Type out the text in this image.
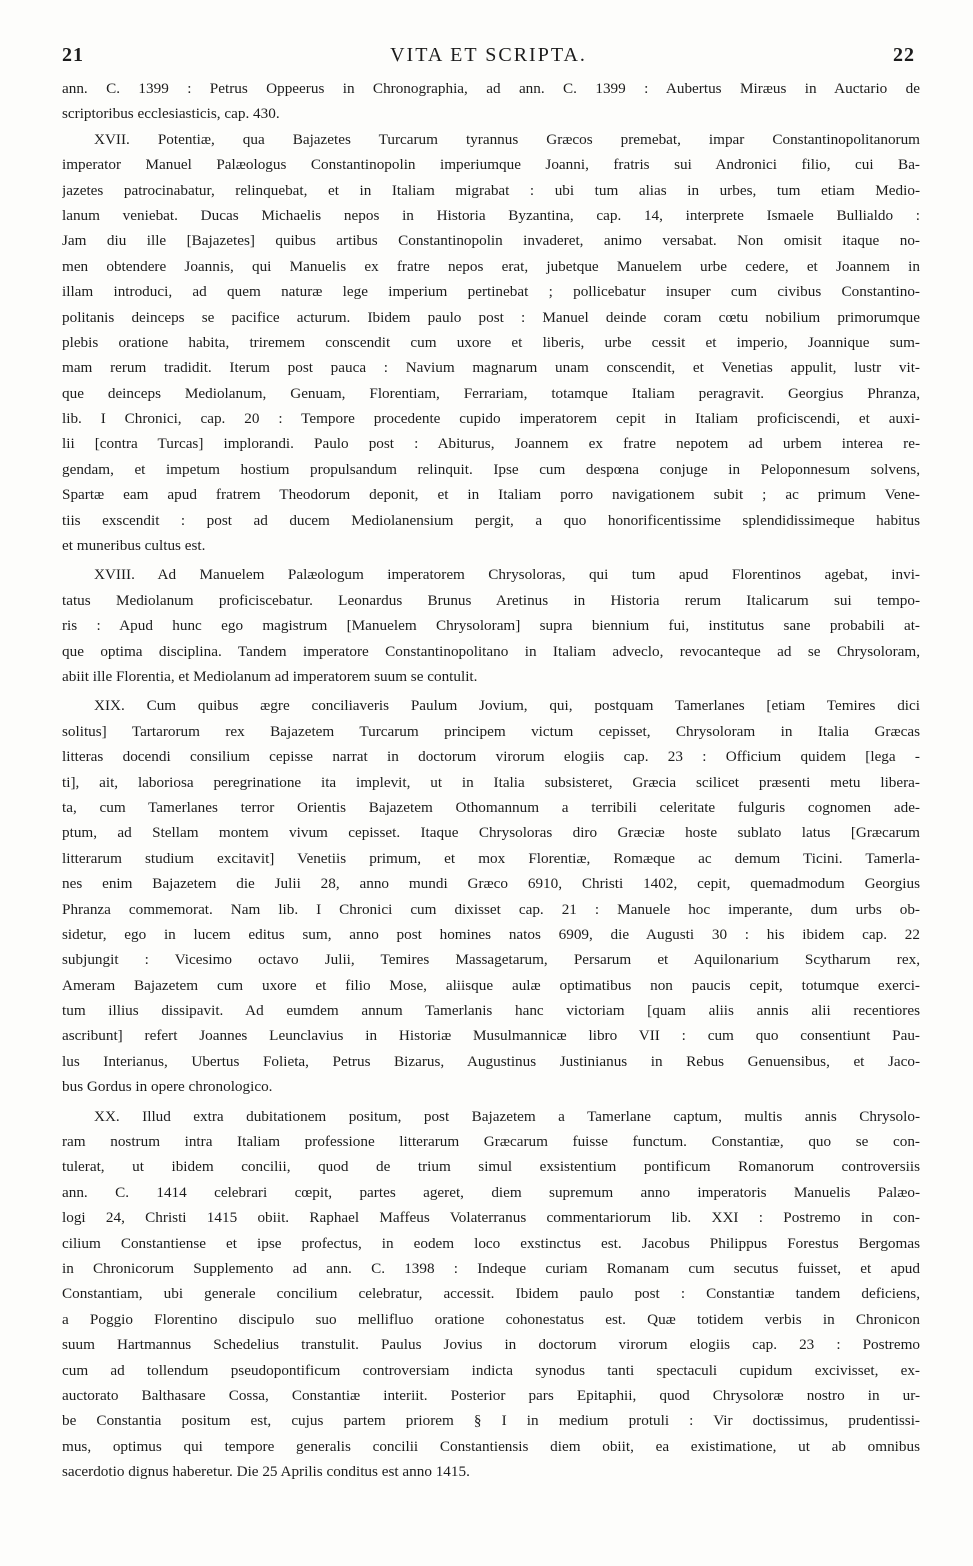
21	VITA ET SCRIPTA.	22
ann. C. 1399 : Petrus Oppeerus in Chronographia, ad ann. C. 1399 : Aubertus Miræus in Auctario de
scriptoribus ecclesiasticis, cap. 430.
XVII. Potentiæ, qua Bajazetes Turcarum tyrannus Græcos premebat, impar Constantinopolitanorum
imperator Manuel Palæologus Constantinopolin imperiumque Joanni, fratris sui Andronici filio, cui Ba-
jazetes patrocinabatur, relinquebat, et in Italiam migrabat : ubi tum alias in urbes, tum etiam Medio-
lanum veniebat. Ducas Michaelis nepos in Historia Byzantina, cap. 14, interprete Ismaele Bullialdo :
Jam diu ille [Bajazetes] quibus artibus Constantinopolin invaderet, animo versabat. Non omisit itaque no-
men obtendere Joannis, qui Manuelis ex fratre nepos erat, jubetque Manuelem urbe cedere, et Joannem in
illam introduci, ad quem naturæ lege imperium pertinebat ; pollicebatur insuper cum civibus Constantino-
politanis deinceps se pacifice acturum. Ibidem paulo post : Manuel deinde coram cœtu nobilium primorumque
plebis oratione habita, triremem conscendit cum uxore et liberis, urbe cessit et imperio, Joannique sum-
mam rerum tradidit. Iterum post pauca : Navium magnarum unam conscendit, et Venetias appulit, lustr vit-
que deinceps Mediolanum, Genuam, Florentiam, Ferrariam, totamque Italiam peragravit. Georgius Phranza,
lib. I Chronici, cap. 20 : Tempore procedente cupido imperatorem cepit in Italiam proficiscendi, et auxi-
lii [contra Turcas] implorandi. Paulo post : Abiturus, Joannem ex fratre nepotem ad urbem interea re-
gendam, et impetum hostium propulsandum relinquit. Ipse cum despœna conjuge in Peloponnesum solvens,
Spartæ eam apud fratrem Theodorum deponit, et in Italiam porro navigationem subit ; ac primum Vene-
tiis exscendit : post ad ducem Mediolanensium pergit, a quo honorificentissime splendidissimeque habitus
et muneribus cultus est.
XVIII. Ad Manuelem Palæologum imperatorem Chrysoloras, qui tum apud Florentinos agebat, invi-
tatus Mediolanum proficiscebatur. Leonardus Brunus Aretinus in Historia rerum Italicarum sui tempo-
ris : Apud hunc ego magistrum [Manuelem Chrysoloram] supra biennium fui, institutus sane probabili at-
que optima disciplina. Tandem imperatore Constantinopolitano in Italiam adveclo, revocanteque ad se Chrysoloram,
abiit ille Florentia, et Mediolanum ad imperatorem suum se contulit.
XIX. Cum quibus ægre conciliaveris Paulum Jovium, qui, postquam Tamerlanes [etiam Temires dici
solitus] Tartarorum rex Bajazetem Turcarum principem victum cepisset, Chrysoloram in Italia Græcas
litteras docendi consilium cepisse narrat in doctorum virorum elogiis cap. 23 : Officium quidem [lega -
ti], ait, laboriosa peregrinatione ita implevit, ut in Italia subsisteret, Græcia scilicet præsenti metu libera-
ta, cum Tamerlanes terror Orientis Bajazetem Othomannum a terribili celeritate fulguris cognomen ade-
ptum, ad Stellam montem vivum cepisset. Itaque Chrysoloras diro Græciæ hoste sublato latus [Græcarum
litterarum studium excitavit] Venetiis primum, et mox Florentiæ, Romæque ac demum Ticini. Tamerla-
nes enim Bajazetem die Julii 28, anno mundi Græco 6910, Christi 1402, cepit, quemadmodum Georgius
Phranza commemorat. Nam lib. I Chronici cum dixisset cap. 21 : Manuele hoc imperante, dum urbs ob-
sidetur, ego in lucem editus sum, anno post homines natos 6909, die Augusti 30 : his ibidem cap. 22
subjungit : Vicesimo octavo Julii, Temires Massagetarum, Persarum et Aquilonarium Scytharum rex,
Ameram Bajazetem cum uxore et filio Mose, aliisque aulæ optimatibus non paucis cepit, totumque exerci-
tum illius dissipavit. Ad eumdem annum Tamerlanis hanc victoriam [quam aliis annis alii recentiores
ascribunt] refert Joannes Leunclavius in Historiæ Musulmannicæ libro VII : cum quo consentiunt Pau-
lus Interianus, Ubertus Folieta, Petrus Bizarus, Augustinus Justinianus in Rebus Genuensibus, et Jaco-
bus Gordus in opere chronologico.
XX. Illud extra dubitationem positum, post Bajazetem a Tamerlane captum, multis annis Chrysolo-
ram nostrum intra Italiam professione litterarum Græcarum fuisse functum. Constantiæ, quo se con-
tulerat, ut ibidem concilii, quod de trium simul exsistentium pontificum Romanorum controversiis
ann. C. 1414 celebrari cœpit, partes ageret, diem supremum anno imperatoris Manuelis Palæo-
logi 24, Christi 1415 obiit. Raphael Maffeus Volaterranus commentariorum lib. XXI : Postremo in con-
cilium Constantiense et ipse profectus, in eodem loco exstinctus est. Jacobus Philippus Forestus Bergomas
in Chronicorum Supplemento ad ann. C. 1398 : Indeque curiam Romanam cum secutus fuisset, et apud
Constantiam, ubi generale concilium celebratur, accessit. Ibidem paulo post : Constantiæ tandem deficiens,
a Poggio Florentino discipulo suo mellifluo oratione cohonestatus est. Quæ totidem verbis in Chronicon
suum Hartmannus Schedelius transtulit. Paulus Jovius in doctorum virorum elogiis cap. 23 : Postremo
cum ad tollendum pseudopontificum controversiam indicta synodus tanti spectaculi cupidum excivisset, ex-
auctorato Balthasare Cossa, Constantiæ interiit. Posterior pars Epitaphii, quod Chrysoloræ nostro in ur-
be Constantia positum est, cujus partem priorem § I in medium protuli : Vir doctissimus, prudentissi-
mus, optimus qui tempore generalis concilii Constantiensis diem obiit, ea existimatione, ut ab omnibus
sacerdotio dignus haberetur. Die 25 Aprilis conditus est anno 1415.
